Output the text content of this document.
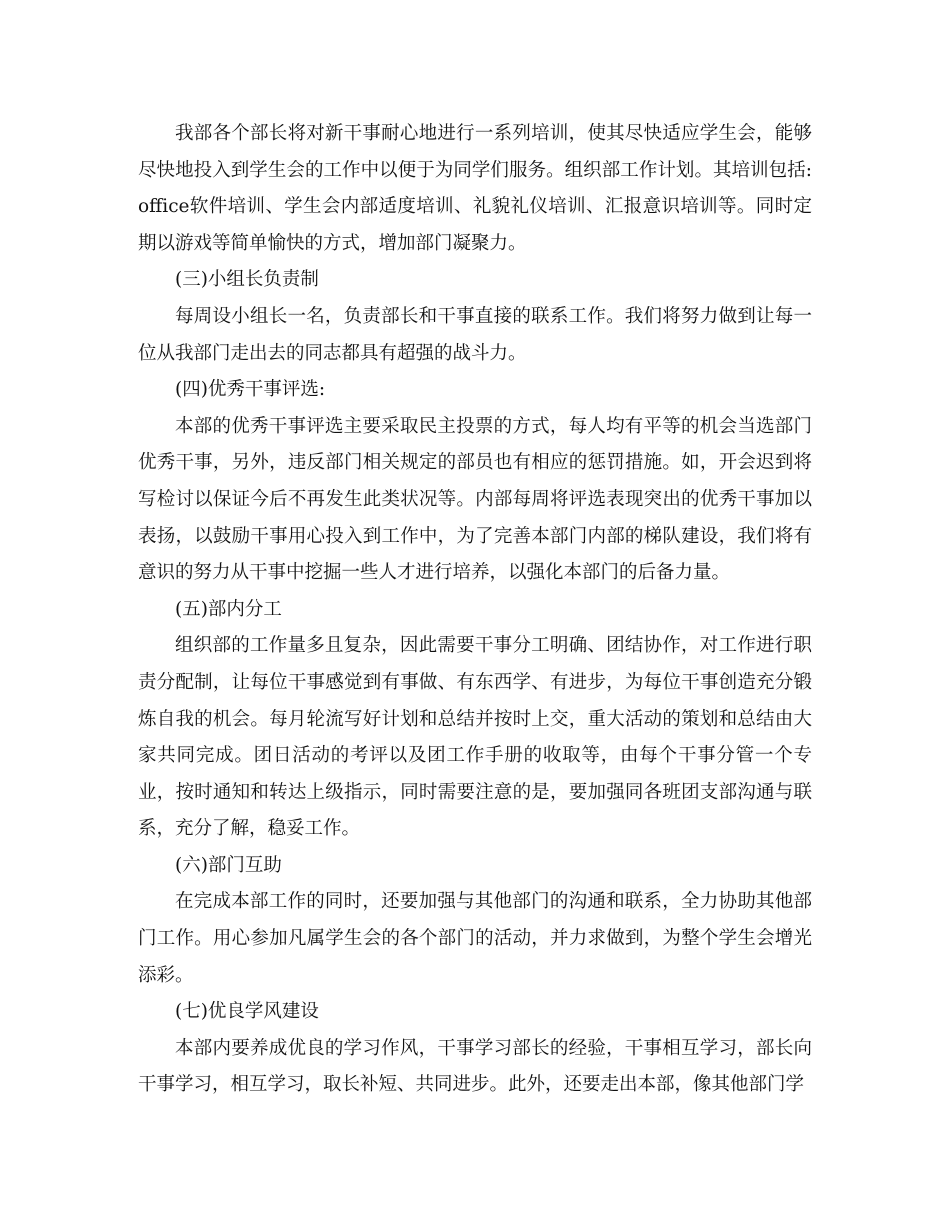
我部各个部长将对新干事耐心地进行一系列培训，使其尽快适应学生会，能够尽快地投入到学生会的工作中以便于为同学们服务。组织部工作计划。其培训包括:office软件培训、学生会内部适度培训、礼貌礼仪培训、汇报意识培训等。同时定期以游戏等简单愉快的方式，增加部门凝聚力。

(三)小组长负责制

每周设小组长一名，负责部长和干事直接的联系工作。我们将努力做到让每一位从我部门走出去的同志都具有超强的战斗力。

(四)优秀干事评选:

本部的优秀干事评选主要采取民主投票的方式，每人均有平等的机会当选部门优秀干事，另外，违反部门相关规定的部员也有相应的惩罚措施。如，开会迟到将写检讨以保证今后不再发生此类状况等。内部每周将评选表现突出的优秀干事加以表扬，以鼓励干事用心投入到工作中，为了完善本部门内部的梯队建设，我们将有意识的努力从干事中挖掘一些人才进行培养，以强化本部门的后备力量。

(五)部内分工

组织部的工作量多且复杂，因此需要干事分工明确、团结协作，对工作进行职责分配制，让每位干事感觉到有事做、有东西学、有进步，为每位干事创造充分锻炼自我的机会。每月轮流写好计划和总结并按时上交，重大活动的策划和总结由大家共同完成。团日活动的考评以及团工作手册的收取等，由每个干事分管一个专业，按时通知和转达上级指示，同时需要注意的是，要加强同各班团支部沟通与联系，充分了解，稳妥工作。

(六)部门互助

在完成本部工作的同时，还要加强与其他部门的沟通和联系，全力协助其他部门工作。用心参加凡属学生会的各个部门的活动，并力求做到，为整个学生会增光添彩。

(七)优良学风建设

本部内要养成优良的学习作风，干事学习部长的经验，干事相互学习，部长向干事学习，相互学习，取长补短、共同进步。此外，还要走出本部，像其他部门学
